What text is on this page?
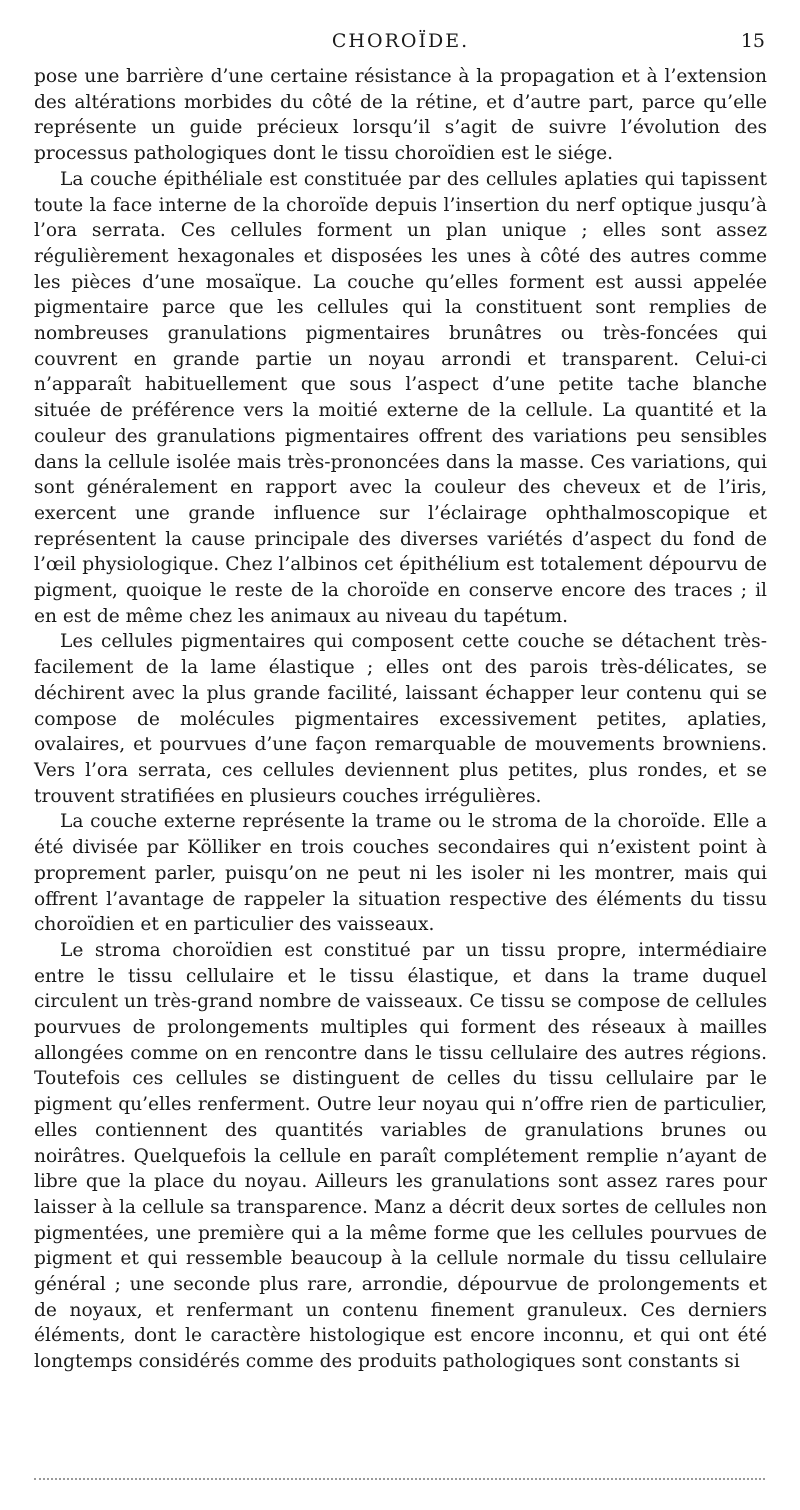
CHOROÏDE.	15

pose une barrière d’une certaine résistance à la propagation et à l’extension des altérations morbides du côté de la rétine, et d’autre part, parce qu’elle représente un guide précieux lorsqu’il s’agit de suivre l’évolution des processus pathologiques dont le tissu choroïdien est le siége.

La couche épithéliale est constituée par des cellules aplaties qui tapissent toute la face interne de la choroïde depuis l’insertion du nerf optique jusqu’à l’ora serrata. Ces cellules forment un plan unique ; elles sont assez régulièrement hexagonales et disposées les unes à côté des autres comme les pièces d’une mosaïque. La couche qu’elles forment est aussi appelée pigmentaire parce que les cellules qui la constituent sont remplies de nombreuses granulations pigmentaires brunâtres ou très-foncées qui couvrent en grande partie un noyau arrondi et transparent. Celui-ci n’apparaît habituellement que sous l’aspect d’une petite tache blanche située de préférence vers la moitié externe de la cellule. La quantité et la couleur des granulations pigmentaires offrent des variations peu sensibles dans la cellule isolée mais très-prononcées dans la masse. Ces variations, qui sont généralement en rapport avec la couleur des cheveux et de l’iris, exercent une grande influence sur l’éclairage ophthalmoscopique et représentent la cause principale des diverses variétés d’aspect du fond de l’œil physiologique. Chez l’albinos cet épithélium est totalement dépourvu de pigment, quoique le reste de la choroïde en conserve encore des traces ; il en est de même chez les animaux au niveau du tapétum.

Les cellules pigmentaires qui composent cette couche se détachent très-facilement de la lame élastique ; elles ont des parois très-délicates, se déchirent avec la plus grande facilité, laissant échapper leur contenu qui se compose de molécules pigmentaires excessivement petites, aplaties, ovalaires, et pourvues d’une façon remarquable de mouvements browniens. Vers l’ora serrata, ces cellules deviennent plus petites, plus rondes, et se trouvent stratifiées en plusieurs couches irrégulières.

La couche externe représente la trame ou le stroma de la choroïde. Elle a été divisée par Kölliker en trois couches secondaires qui n’existent point à proprement parler, puisqu’on ne peut ni les isoler ni les montrer, mais qui offrent l’avantage de rappeler la situation respective des éléments du tissu choroïdien et en particulier des vaisseaux.

Le stroma choroïdien est constitué par un tissu propre, intermédiaire entre le tissu cellulaire et le tissu élastique, et dans la trame duquel circulent un très-grand nombre de vaisseaux. Ce tissu se compose de cellules pourvues de prolongements multiples qui forment des réseaux à mailles allongées comme on en rencontre dans le tissu cellulaire des autres régions. Toutefois ces cellules se distinguent de celles du tissu cellulaire par le pigment qu’elles renferment. Outre leur noyau qui n’offre rien de particulier, elles contiennent des quantités variables de granulations brunes ou noirâtres. Quelquefois la cellule en paraît complétement remplie n’ayant de libre que la place du noyau. Ailleurs les granulations sont assez rares pour laisser à la cellule sa transparence. Manz a décrit deux sortes de cellules non pigmentées, une première qui a la même forme que les cellules pourvues de pigment et qui ressemble beaucoup à la cellule normale du tissu cellulaire général ; une seconde plus rare, arrondie, dépourvue de prolongements et de noyaux, et renfermant un contenu finement granuleux. Ces derniers éléments, dont le caractère histologique est encore inconnu, et qui ont été longtemps considérés comme des produits pathologiques sont constants si
